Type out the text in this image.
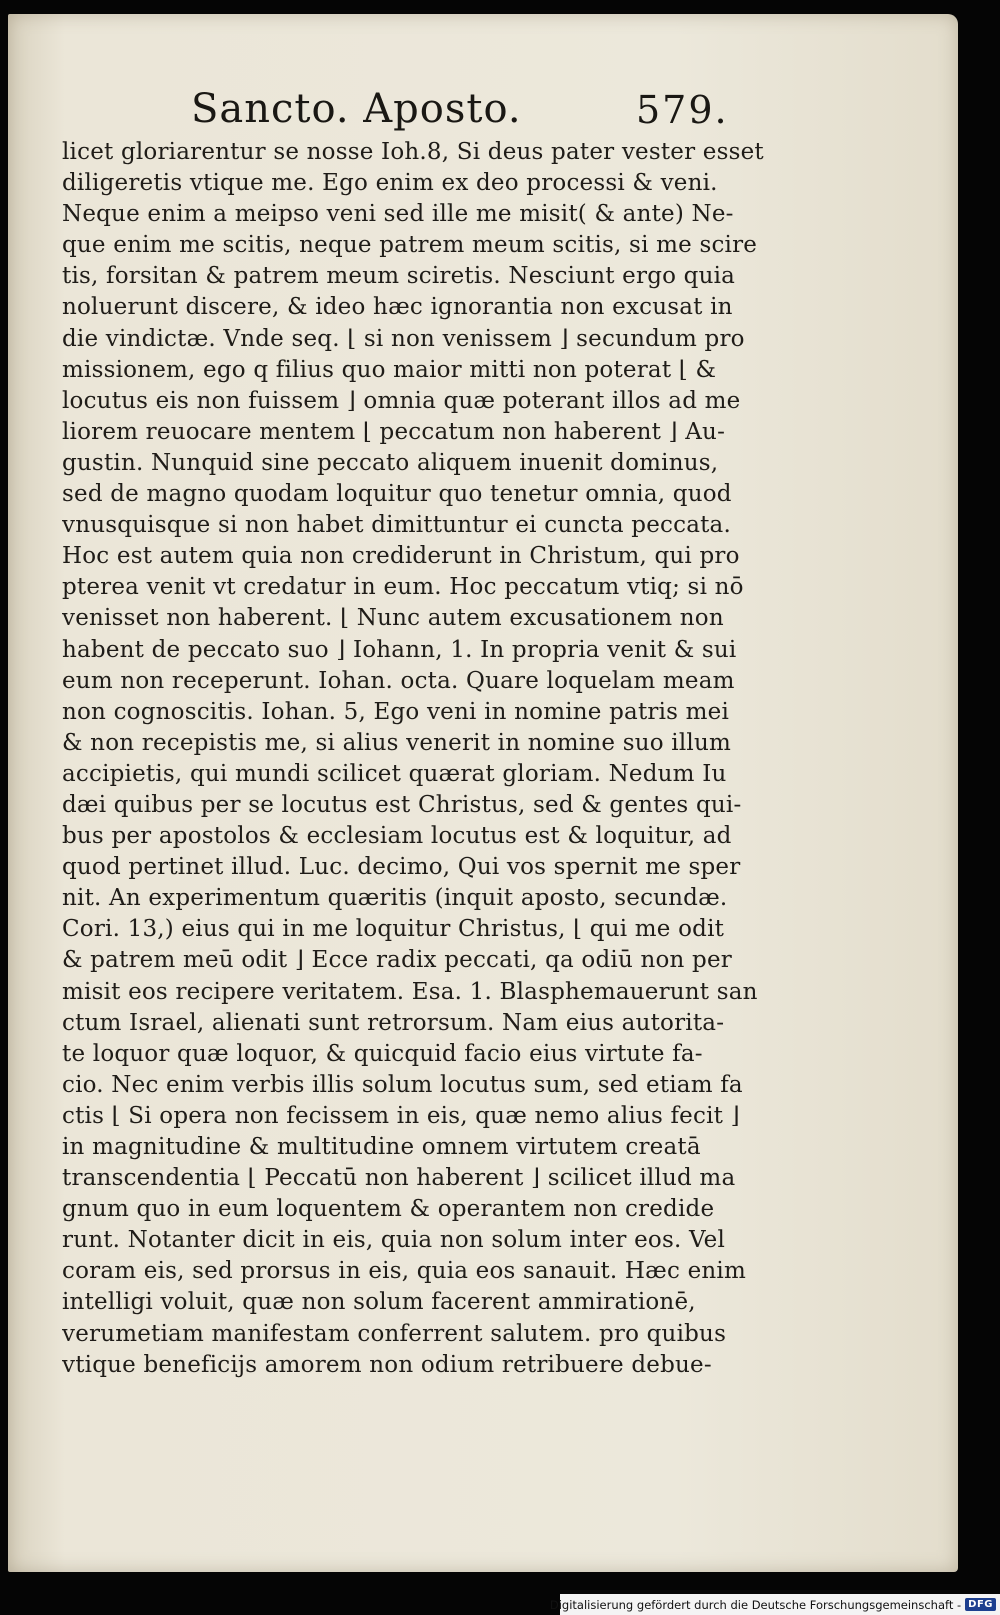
Sancto. Aposto.	579.
licet gloriarentur se nosse Ioh.8, Si deus pater vester esset
diligeretis vtique me. Ego enim ex deo processi & veni.
Neque enim a meipso veni sed ille me misit( & ante) Ne-
que enim me scitis, neque patrem meum scitis, si me scire
tis, forsitan & patrem meum sciretis. Nesciunt ergo quia
noluerunt discere, & ideo hæc ignorantia non excusat in
die vindictæ. Vnde seq. ⌊ si non venissem ⌋ secundum pro
missionem, ego q filius quo maior mitti non poterat ⌊ &
locutus eis non fuissem ⌋ omnia quæ poterant illos ad me
liorem reuocare mentem ⌊ peccatum non haberent ⌋ Au-
gustin. Nunquid sine peccato aliquem inuenit dominus,
sed de magno quodam loquitur quo tenetur omnia, quod
vnusquisque si non habet dimittuntur ei cuncta peccata.
Hoc est autem quia non crediderunt in Christum, qui pro
pterea venit vt credatur in eum. Hoc peccatum vtiq; si nō
venisset non haberent. ⌊ Nunc autem excusationem non
habent de peccato suo ⌋ Iohann, 1. In propria venit & sui
eum non receperunt. Iohan. octa. Quare loquelam meam
non cognoscitis. Iohan. 5, Ego veni in nomine patris mei
& non recepistis me, si alius venerit in nomine suo illum
accipietis, qui mundi scilicet quærat gloriam. Nedum Iu
dæi quibus per se locutus est Christus, sed & gentes qui-
bus per apostolos & ecclesiam locutus est & loquitur, ad
quod pertinet illud. Luc. decimo, Qui vos spernit me sper
nit. An experimentum quæritis (inquit aposto, secundæ.
Cori. 13,) eius qui in me loquitur Christus, ⌊ qui me odit
& patrem meū odit ⌋ Ecce radix peccati, qa odiū non per
misit eos recipere veritatem. Esa. 1. Blasphemauerunt san
ctum Israel, alienati sunt retrorsum. Nam eius autorita-
te loquor quæ loquor, & quicquid facio eius virtute fa-
cio. Nec enim verbis illis solum locutus sum, sed etiam fa
ctis ⌊ Si opera non fecissem in eis, quæ nemo alius fecit ⌋
in magnitudine & multitudine omnem virtutem creatā
transcendentia ⌊ Peccatū non haberent ⌋ scilicet illud ma
gnum quo in eum loquentem & operantem non credide
runt. Notanter dicit in eis, quia non solum inter eos. Vel
coram eis, sed prorsus in eis, quia eos sanauit. Hæc enim
intelligi voluit, quæ non solum facerent ammirationē,
verumetiam manifestam conferrent salutem. pro quibus
vtique beneficijs amorem non odium retribuere debue-
Digitalisierung gefördert durch die Deutsche Forschungsgemeinschaft - DFG
